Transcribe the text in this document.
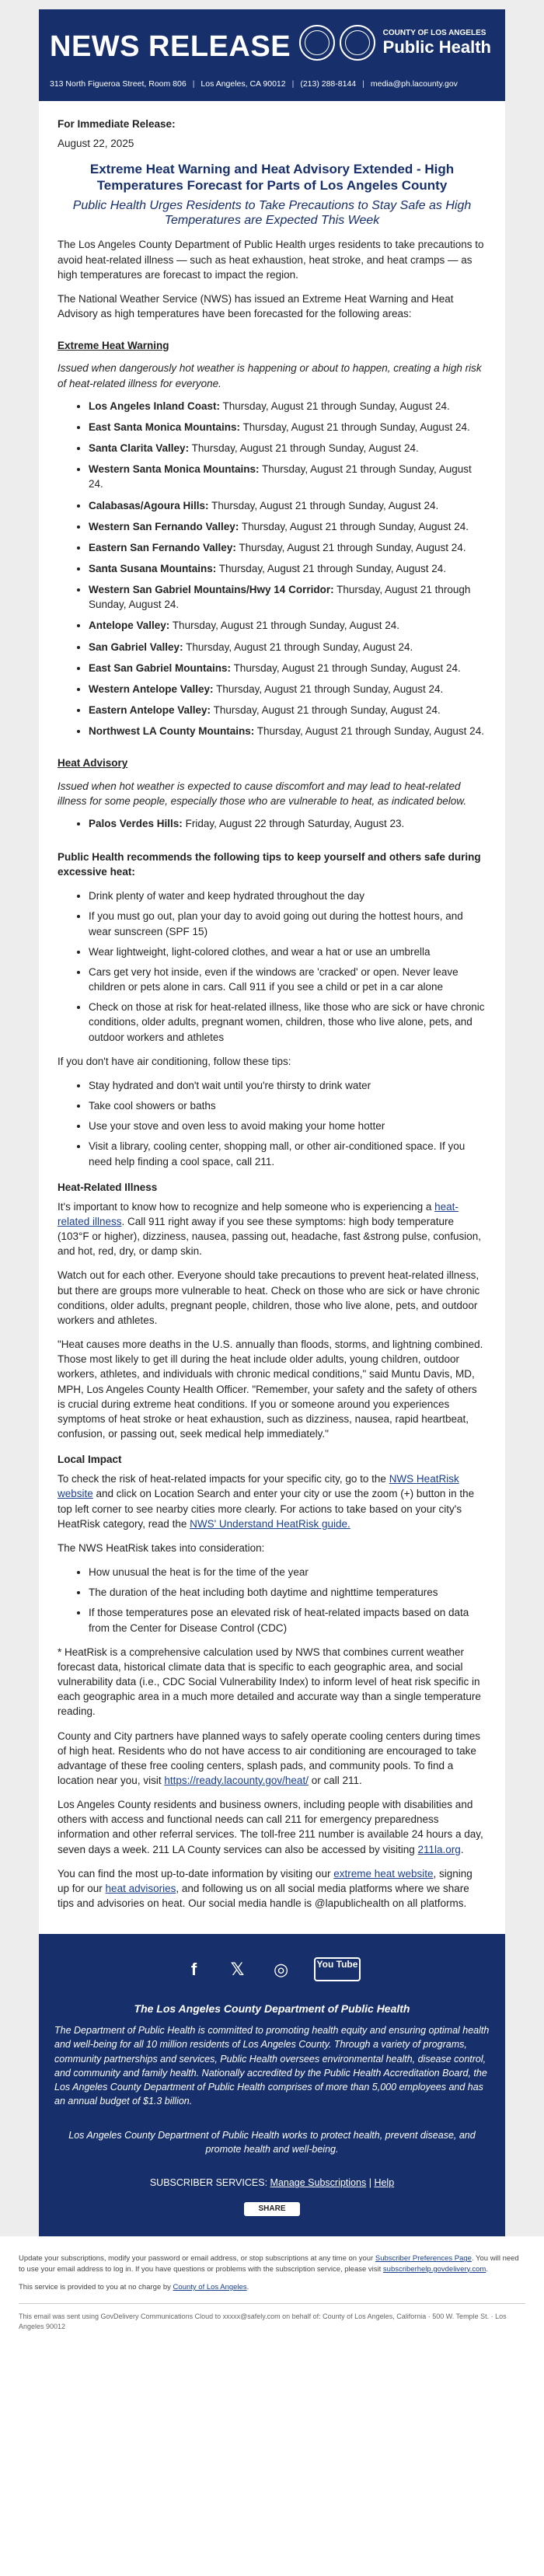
NEWS RELEASE	COUNTY OF LOS ANGELES
Public Health
313 North Figueroa Street, Room 806 | Los Angeles, CA 90012 | (213) 288-8144 | media@ph.lacounty.gov
For Immediate Release:
August 22, 2025
Extreme Heat Warning and Heat Advisory Extended - High Temperatures Forecast for Parts of Los Angeles County
Public Health Urges Residents to Take Precautions to Stay Safe as High Temperatures are Expected This Week

The Los Angeles County Department of Public Health urges residents to take precautions to avoid heat-related illness — such as heat exhaustion, heat stroke, and heat cramps — as high temperatures are forecast to impact the region.

The National Weather Service (NWS) has issued an Extreme Heat Warning and Heat Advisory as high temperatures have been forecasted for the following areas:

Extreme Heat Warning
Issued when dangerously hot weather is happening or about to happen, creating a high risk of heat-related illness for everyone.
• Los Angeles Inland Coast: Thursday, August 21 through Sunday, August 24.
• East Santa Monica Mountains: Thursday, August 21 through Sunday, August 24.
• Santa Clarita Valley: Thursday, August 21 through Sunday, August 24.
• Western Santa Monica Mountains: Thursday, August 21 through Sunday, August 24.
• Calabasas/Agoura Hills: Thursday, August 21 through Sunday, August 24.
• Western San Fernando Valley: Thursday, August 21 through Sunday, August 24.
• Eastern San Fernando Valley: Thursday, August 21 through Sunday, August 24.
• Santa Susana Mountains: Thursday, August 21 through Sunday, August 24.
• Western San Gabriel Mountains/Hwy 14 Corridor: Thursday, August 21 through Sunday, August 24.
• Antelope Valley: Thursday, August 21 through Sunday, August 24.
• San Gabriel Valley: Thursday, August 21 through Sunday, August 24.
• East San Gabriel Mountains: Thursday, August 21 through Sunday, August 24.
• Western Antelope Valley: Thursday, August 21 through Sunday, August 24.
• Eastern Antelope Valley: Thursday, August 21 through Sunday, August 24.
• Northwest LA County Mountains: Thursday, August 21 through Sunday, August 24.
Heat Advisory
Issued when hot weather is expected to cause discomfort and may lead to heat-related illness for some people, especially those who are vulnerable to heat, as indicated below.
• Palos Verdes Hills: Friday, August 22 through Saturday, August 23.
Public Health recommends the following tips to keep yourself and others safe during excessive heat:
• Drink plenty of water and keep hydrated throughout the day
• If you must go out, plan your day to avoid going out during the hottest hours, and wear sunscreen (SPF 15)
• Wear lightweight, light-colored clothes, and wear a hat or use an umbrella
• Cars get very hot inside, even if the windows are 'cracked' or open. Never leave children or pets alone in cars. Call 911 if you see a child or pet in a car alone
• Check on those at risk for heat-related illness, like those who are sick or have chronic conditions, older adults, pregnant women, children, those who live alone, pets, and outdoor workers and athletes

If you don't have air conditioning, follow these tips:

• Stay hydrated and don't wait until you're thirsty to drink water
• Take cool showers or baths
• Use your stove and oven less to avoid making your home hotter
• Visit a library, cooling center, shopping mall, or other air-conditioned space. If you need help finding a cool space, call 211.
Heat-Related Illness

It's important to know how to recognize and help someone who is experiencing a heat-related illness. Call 911 right away if you see these symptoms: high body temperature (103°F or higher), dizziness, nausea, passing out, headache, fast &strong pulse, confusion, and hot, red, dry, or damp skin.

Watch out for each other. Everyone should take precautions to prevent heat-related illness, but there are groups more vulnerable to heat. Check on those who are sick or have chronic conditions, older adults, pregnant people, children, those who live alone, pets, and outdoor workers and athletes.

"Heat causes more deaths in the U.S. annually than floods, storms, and lightning combined. Those most likely to get ill during the heat include older adults, young children, outdoor workers, athletes, and individuals with chronic medical conditions," said Muntu Davis, MD, MPH, Los Angeles County Health Officer. "Remember, your safety and the safety of others is crucial during extreme heat conditions. If you or someone around you experiences symptoms of heat stroke or heat exhaustion, such as dizziness, nausea, rapid heartbeat, confusion, or passing out, seek medical help immediately."

Local Impact

To check the risk of heat-related impacts for your specific city, go to the NWS HeatRisk website and click on Location Search and enter your city or use the zoom (+) button in the top left corner to see nearby cities more clearly. For actions to take based on your city's HeatRisk category, read the NWS' Understand HeatRisk guide.

The NWS HeatRisk takes into consideration:

• How unusual the heat is for the time of the year
• The duration of the heat including both daytime and nighttime temperatures
• If those temperatures pose an elevated risk of heat-related impacts based on data from the Center for Disease Control (CDC)

* HeatRisk is a comprehensive calculation used by NWS that combines current weather forecast data, historical climate data that is specific to each geographic area, and social vulnerability data (i.e., CDC Social Vulnerability Index) to inform level of heat risk specific in each geographic area in a much more detailed and accurate way than a single temperature reading.

County and City partners have planned ways to safely operate cooling centers during times of high heat. Residents who do not have access to air conditioning are encouraged to take advantage of these free cooling centers, splash pads, and community pools. To find a location near you, visit https://ready.lacounty.gov/heat/ or call 211.

Los Angeles County residents and business owners, including people with disabilities and others with access and functional needs can call 211 for emergency preparedness information and other referral services. The toll-free 211 number is available 24 hours a day, seven days a week. 211 LA County services can also be accessed by visiting 211la.org.

You can find the most up-to-date information by visiting our extreme heat website, signing up for our heat advisories, and following us on all social media platforms where we share tips and advisories on heat. Our social media handle is @lapublichealth on all platforms.

f	𝕏 ◎	You Tube
The Los Angeles County Department of Public Health
The Department of Public Health is committed to promoting health equity and ensuring optimal health and well-being for all 10 million residents of Los Angeles County. Through a variety of programs, community partnerships and services, Public Health oversees environmental health, disease control, and community and family health. Nationally accredited by the Public Health Accreditation Board, the Los Angeles County Department of Public Health comprises of more than 5,000 employees and has an annual budget of $1.3 billion.
Los Angeles County Department of Public Health works to protect health, prevent disease, and promote health and well-being.
SUBSCRIBER SERVICES: Manage Subscriptions | Help
SHARE

Update your subscriptions, modify your password or email address, or stop subscriptions at any time on your Subscriber Preferences Page. You will need to use your email address to log in. If you have questions or problems with the subscription service, please visit subscriberhelp.govdelivery.com.

This service is provided to you at no charge by County of Los Angeles.

This email was sent using GovDelivery Communications Cloud to xxxxx@safely.com on behalf of: County of Los Angeles, California · 500 W. Temple St. · Los Angeles 90012
